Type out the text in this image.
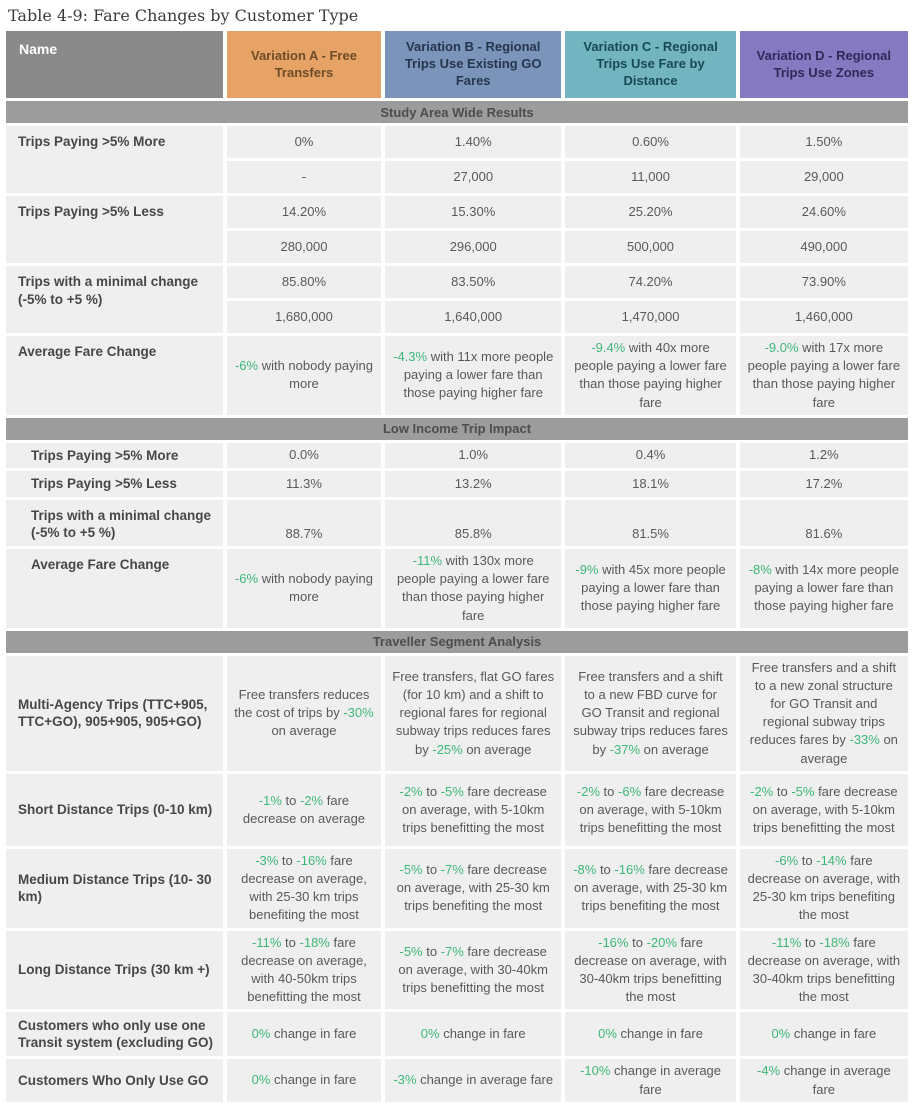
Table 4-9: Fare Changes by Customer Type
Name	Variation A - Free Transfers	Variation B - Regional Trips Use Existing GO Fares	Variation C - Regional Trips Use Fare by Distance	Variation D - Regional Trips Use Zones
Study Area Wide Results				
Trips Paying >5% More	0%	1.40%	0.60%	1.50%
	-	27,000	11,000	29,000
Trips Paying >5% Less	14.20%	15.30%	25.20%	24.60%
	280,000	296,000	500,000	490,000
Trips with a minimal change (-5% to +5 %)	85.80%	83.50%	74.20%	73.90%
	1,680,000	1,640,000	1,470,000	1,460,000
Average Fare Change	-6% with nobody paying more	-4.3% with 11x more people paying a lower fare than those paying higher fare	-9.4% with 40x more people paying a lower fare than those paying higher fare	-9.0% with 17x more people paying a lower fare than those paying higher fare
Low Income Trip Impact				
Trips Paying >5% More	0.0%	1.0%	0.4%	1.2%
Trips Paying >5% Less	11.3%	13.2%	18.1%	17.2%
Trips with a minimal change (-5% to +5 %)	88.7%	85.8%	81.5%	81.6%
Average Fare Change	-6% with nobody paying more	-11% with 130x more people paying a lower fare than those paying higher fare	-9% with 45x more people paying a lower fare than those paying higher fare	-8% with 14x more people paying a lower fare than those paying higher fare
Traveller Segment Analysis				
Multi-Agency Trips (TTC+905, TTC+GO), 905+905, 905+GO)	Free transfers reduces the cost of trips by -30% on average	Free transfers, flat GO fares (for 10 km) and a shift to regional fares for regional subway trips reduces fares by -25% on average	Free transfers and a shift to a new FBD curve for GO Transit and regional subway trips reduces fares by -37% on average	Free transfers and a shift to a new zonal structure for GO Transit and regional subway trips reduces fares by -33% on average
Short Distance Trips (0-10 km)	-1% to -2% fare decrease on average	-2% to -5% fare decrease on average, with 5-10km trips benefitting the most	-2% to -6% fare decrease on average, with 5-10km trips benefitting the most	-2% to -5% fare decrease on average, with 5-10km trips benefitting the most
Medium Distance Trips (10- 30 km)	-3% to -16% fare decrease on average, with 25-30 km trips benefiting the most	-5% to -7% fare decrease on average, with 25-30 km trips benefiting the most	-8% to -16% fare decrease on average, with 25-30 km trips benefiting the most	-6% to -14% fare decrease on average, with 25-30 km trips benefiting the most
Long Distance Trips (30 km +)	-11% to -18% fare decrease on average, with 40-50km trips benefitting the most	-5% to -7% fare decrease on average, with 30-40km trips benefitting the most	-16% to -20% fare decrease on average, with 30-40km trips benefitting the most	-11% to -18% fare decrease on average, with 30-40km trips benefitting the most
Customers who only use one Transit system (excluding GO)	0% change in fare	0% change in fare	0% change in fare	0% change in fare
Customers Who Only Use GO	0% change in fare	-3% change in average fare	-10% change in average fare	-4% change in average fare
